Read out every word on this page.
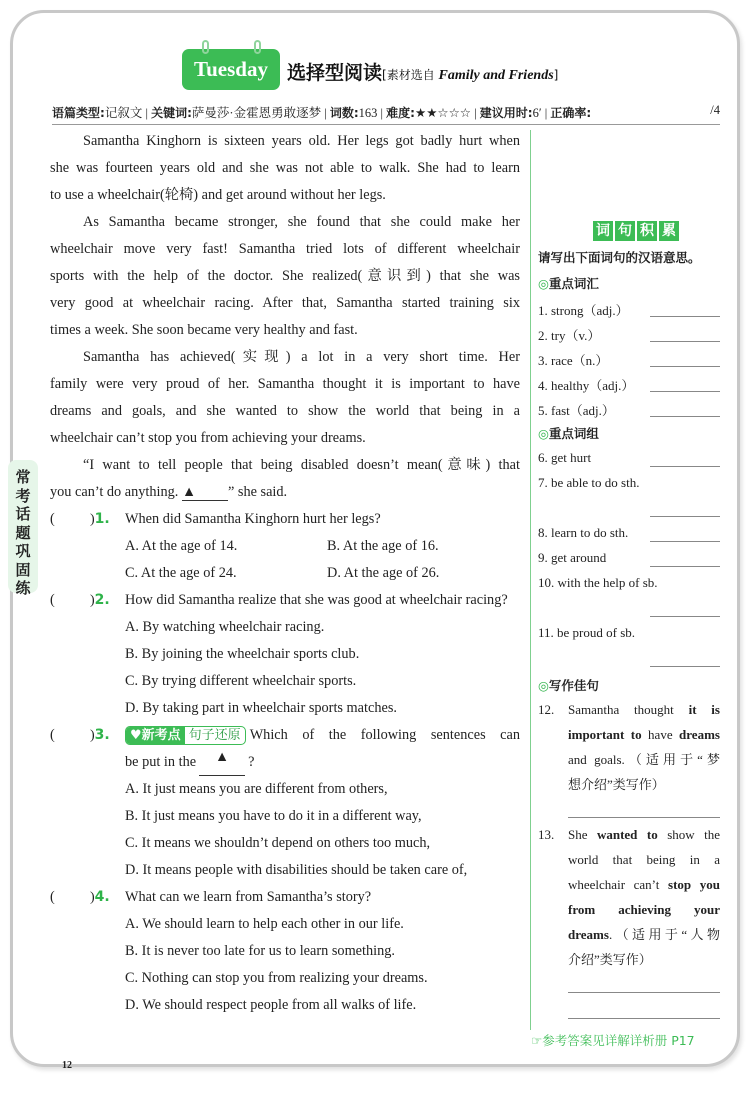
Tuesday	选择型阅读[素材选自 Family and Friends]
语篇类型:记叙文 | 关键词:萨曼莎·金霍恩勇敢逐梦 | 词数:163 | 难度:★★☆☆☆ | 建议用时:6′ | 正确率:	/4
常
考
话
题
巩
固
练
Samantha Kinghorn is sixteen years old. Her legs got badly hurt when
she was fourteen years old and she was not able to walk. She had to learn
to use a wheelchair(轮椅) and get around without her legs.
As Samantha became stronger, she found that she could make her
wheelchair move very fast! Samantha tried lots of different wheelchair
sports with the help of the doctor. She realized(意识到) that she was
very good at wheelchair racing. After that, Samantha started training six
times a week. She soon became very healthy and fast.
Samantha has achieved(实现) a lot in a very short time. Her
family were very proud of her. Samantha thought it is important to have
dreams and goals, and she wanted to show the world that being in a
wheelchair can’t stop you from achieving your dreams.
“I want to tell people that being disabled doesn’t mean(意味) that
you can’t do anything. ▲ ” she said.
(	)1. When did Samantha Kinghorn hurt her legs?
A. At the age of 14.	B. At the age of 16.
C. At the age of 24.	D. At the age of 26.
(	)2. How did Samantha realize that she was good at wheelchair racing?
A. By watching wheelchair racing.
B. By joining the wheelchair sports club.
C. By trying different wheelchair sports.
D. By taking part in wheelchair sports matches.
(	)3.	♥新考点 句子还原 Which of the following sentences can
be put in the	▲	?
A. It just means you are different from others,
B. It just means you have to do it in a different way,
C. It means we shouldn’t depend on others too much,
D. It means people with disabilities should be taken care of,
(	)4. What can we learn from Samantha’s story?
A. We should learn to help each other in our life.
B. It is never too late for us to learn something.
C. Nothing can stop you from realizing your dreams.
D. We should respect people from all walks of life.
词 句 积 累
请写出下面词句的汉语意思。
◎重点词汇
1. strong（adj.）
2. try（v.）
3. race（n.）
4. healthy（adj.）
5. fast（adj.）
◎重点词组
6. get hurt
7. be able to do sth.
8. learn to do sth.
9. get around
10. with the help of sb.
11. be proud of sb.
◎写作佳句
12. Samantha thought it is
important to have dreams
and goals.（适用于“梦
想介绍”类写作）
13. She wanted to show the
world that being in a
wheelchair can’t stop you
from achieving your
dreams.（适用于“人物
介绍”类写作）
☞参考答案见详解详析册 P17
12
